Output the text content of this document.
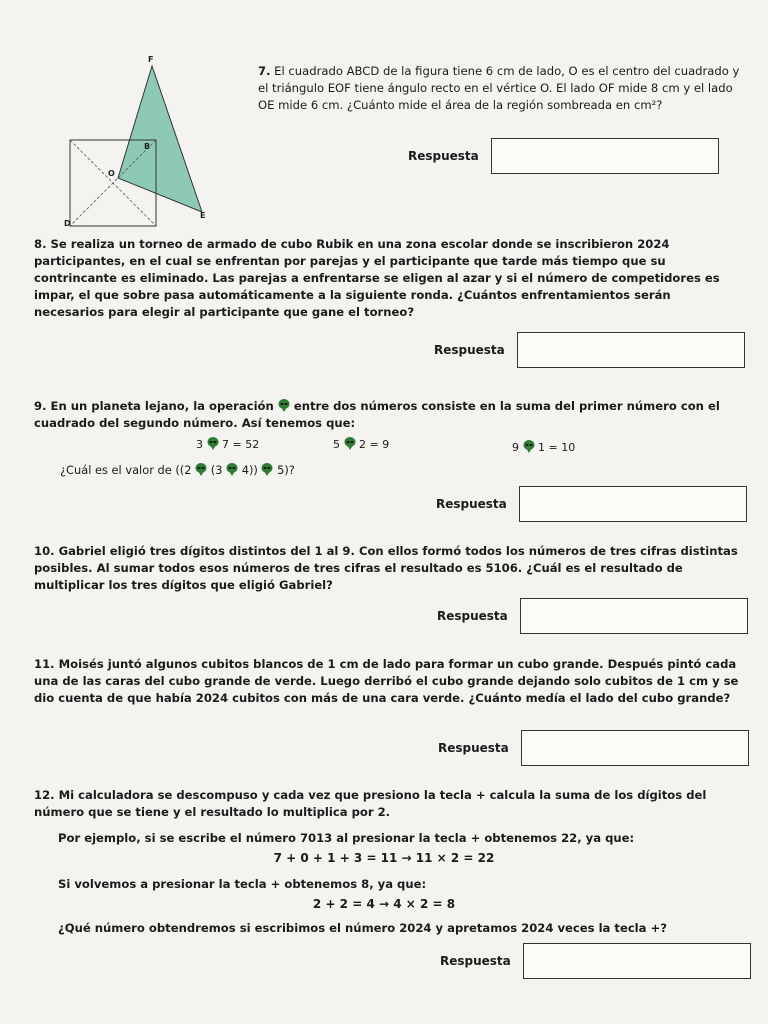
F
B
O
E
D

7. El cuadrado ABCD de la figura tiene 6 cm de lado, O es el centro del cuadrado y el triángulo EOF tiene ángulo recto en el vértice O. El lado OF mide 8 cm y el lado OE mide 6 cm. ¿Cuánto mide el área de la región sombreada en cm²?

Respuesta

8. Se realiza un torneo de armado de cubo Rubik en una zona escolar donde se inscribieron 2024 participantes, en el cual se enfrentan por parejas y el participante que tarde más tiempo que su contrincante es eliminado. Las parejas a enfrentarse se eligen al azar y si el número de competidores es impar, el que sobre pasa automáticamente a la siguiente ronda. ¿Cuántos enfrentamientos serán necesarios para elegir al participante que gane el torneo?

Respuesta

9. En un planeta lejano, la operación entre dos números consiste en la suma del primer número con el cuadrado del segundo número. Así tenemos que:

3 7 = 52	5 2 = 9	9 1 = 10
¿Cuál es el valor de ((2 (3 4)) 5)?
Respuesta

10. Gabriel eligió tres dígitos distintos del 1 al 9. Con ellos formó todos los números de tres cifras distintas posibles. Al sumar todos esos números de tres cifras el resultado es 5106. ¿Cuál es el resultado de multiplicar los tres dígitos que eligió Gabriel?

Respuesta

11. Moisés juntó algunos cubitos blancos de 1 cm de lado para formar un cubo grande. Después pintó cada una de las caras del cubo grande de verde. Luego derribó el cubo grande dejando solo cubitos de 1 cm y se dio cuenta de que había 2024 cubitos con más de una cara verde. ¿Cuánto medía el lado del cubo grande?

Respuesta

12. Mi calculadora se descompuso y cada vez que presiono la tecla + calcula la suma de los dígitos del número que se tiene y el resultado lo multiplica por 2.

Por ejemplo, si se escribe el número 7013 al presionar la tecla + obtenemos 22, ya que:
7 + 0 + 1 + 3 = 11 → 11 × 2 = 22
Si volvemos a presionar la tecla + obtenemos 8, ya que:
2 + 2 = 4 → 4 × 2 = 8
¿Qué número obtendremos si escribimos el número 2024 y apretamos 2024 veces la tecla +?
Respuesta
